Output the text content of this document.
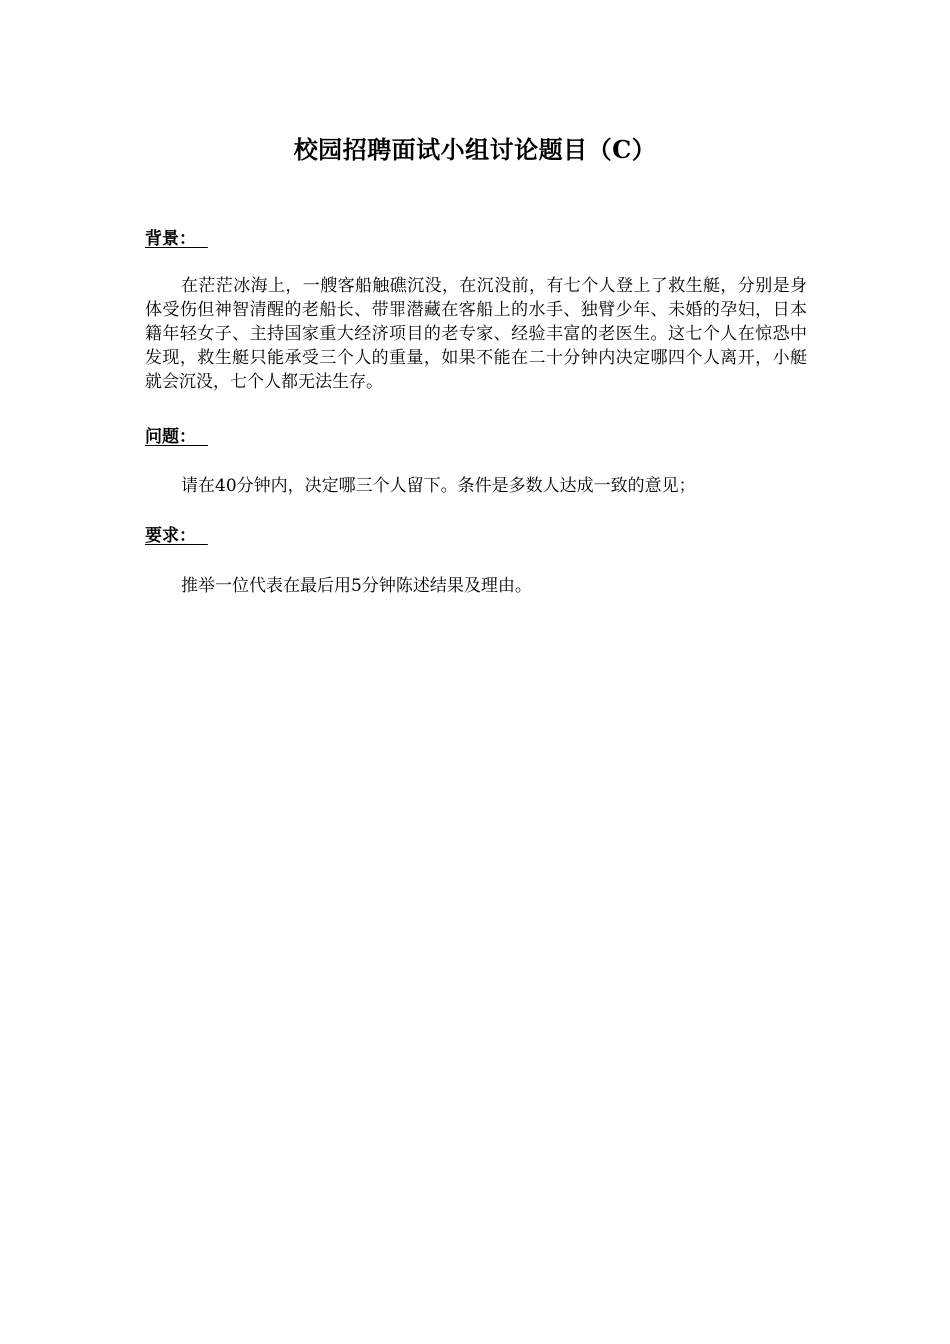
校园招聘面试小组讨论题目（C）
背景：
在茫茫冰海上，一艘客船触礁沉没，在沉没前，有七个人登上了救生艇，分别是身体受伤但神智清醒的老船长、带罪潜藏在客船上的水手、独臂少年、未婚的孕妇，日本籍年轻女子、主持国家重大经济项目的老专家、经验丰富的老医生。这七个人在惊恐中发现，救生艇只能承受三个人的重量，如果不能在二十分钟内决定哪四个人离开，小艇就会沉没，七个人都无法生存。
问题：
请在40分钟内，决定哪三个人留下。条件是多数人达成一致的意见；
要求：
推举一位代表在最后用5分钟陈述结果及理由。
